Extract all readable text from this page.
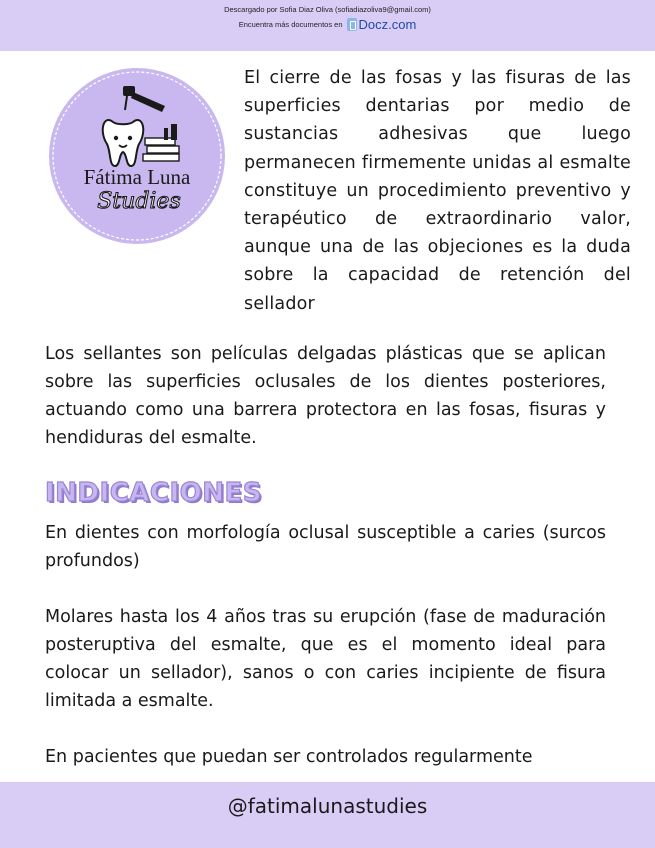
Descargado por Sofia Diaz Oliva (sofiadiazoliva9@gmail.com)
Encuentra más documentos en Docz.com
Fátima Luna
Studies
El cierre de las fosas y las fisuras de las superficies dentarias por medio de sustancias adhesivas que luego permanecen firmemente unidas al esmalte constituye un procedimiento preventivo y terapéutico de extraordinario valor, aunque una de las objeciones es la duda sobre la capacidad de retención del sellador
Los sellantes son películas delgadas plásticas que se aplican sobre las superficies oclusales de los dientes posteriores, actuando como una barrera protectora en las fosas, fisuras y hendiduras del esmalte.
INDICACIONES
En dientes con morfología oclusal susceptible a caries (surcos profundos)
Molares hasta los 4 años tras su erupción (fase de maduración posteruptiva del esmalte, que es el momento ideal para colocar un sellador), sanos o con caries incipiente de fisura limitada a esmalte.
En pacientes que puedan ser controlados regularmente
@fatimalunastudies
